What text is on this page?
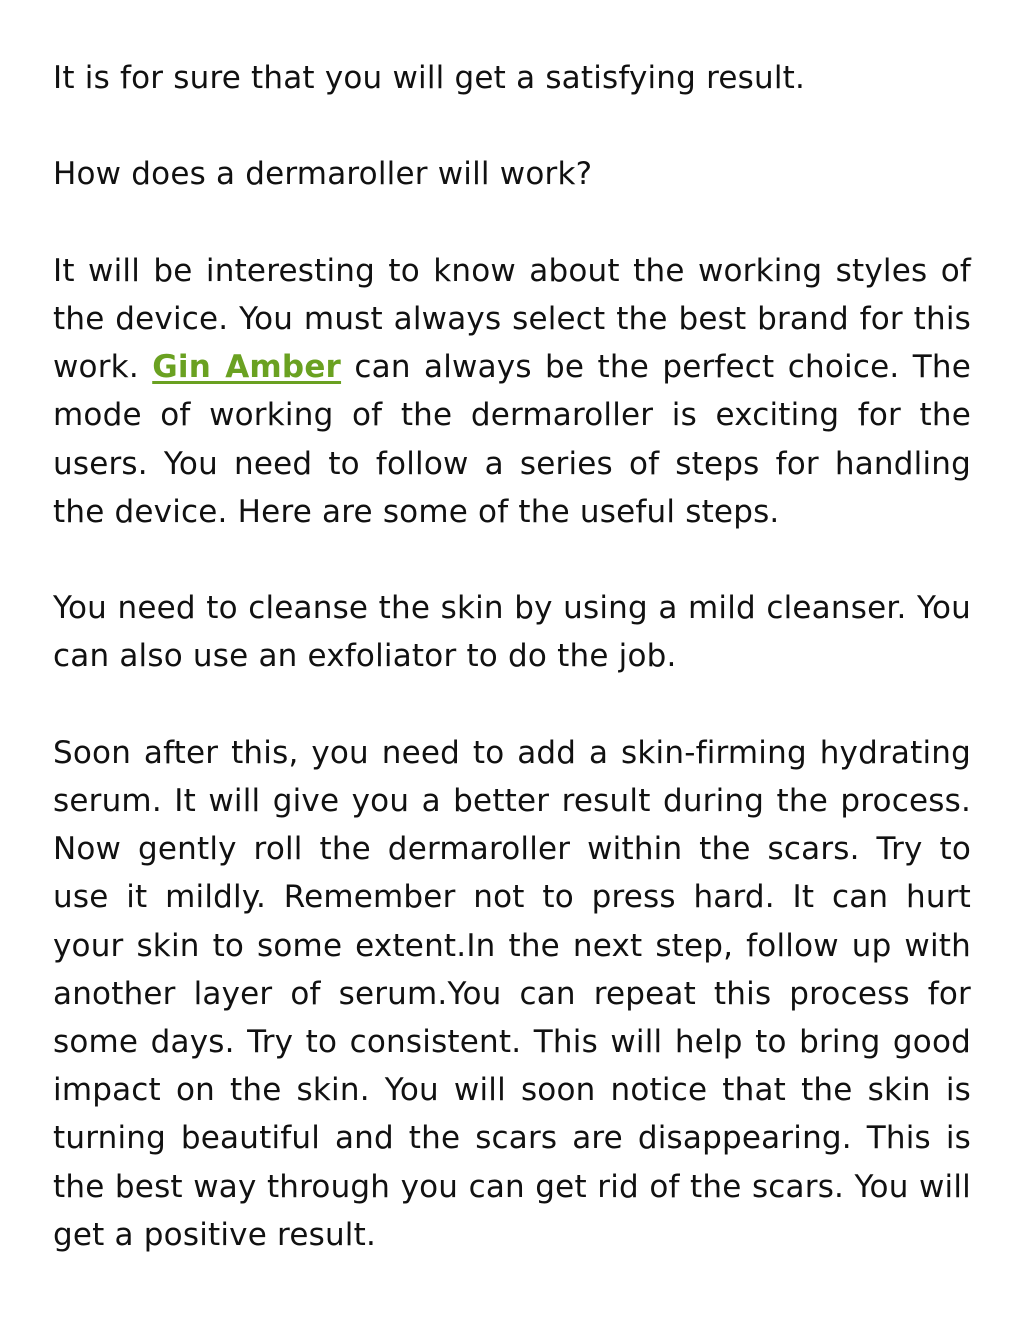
It is for sure that you will get a satisfying result.

How does a dermaroller will work?

It will be interesting to know about the working styles of the device. You must always select the best brand for this work. Gin Amber can always be the perfect choice. The mode of working of the dermaroller is exciting for the users. You need to follow a series of steps for handling the device. Here are some of the useful steps.

You need to cleanse the skin by using a mild cleanser. You can also use an exfoliator to do the job.

Soon after this, you need to add a skin-firming hydrating serum. It will give you a better result during the process. Now gently roll the dermaroller within the scars. Try to use it mildly. Remember not to press hard. It can hurt your skin to some extent.In the next step, follow up with another layer of serum.You can repeat this process for some days. Try to consistent. This will help to bring good impact on the skin. You will soon notice that the skin is turning beautiful and the scars are disappearing. This is the best way through you can get rid of the scars. You will get a positive result.
